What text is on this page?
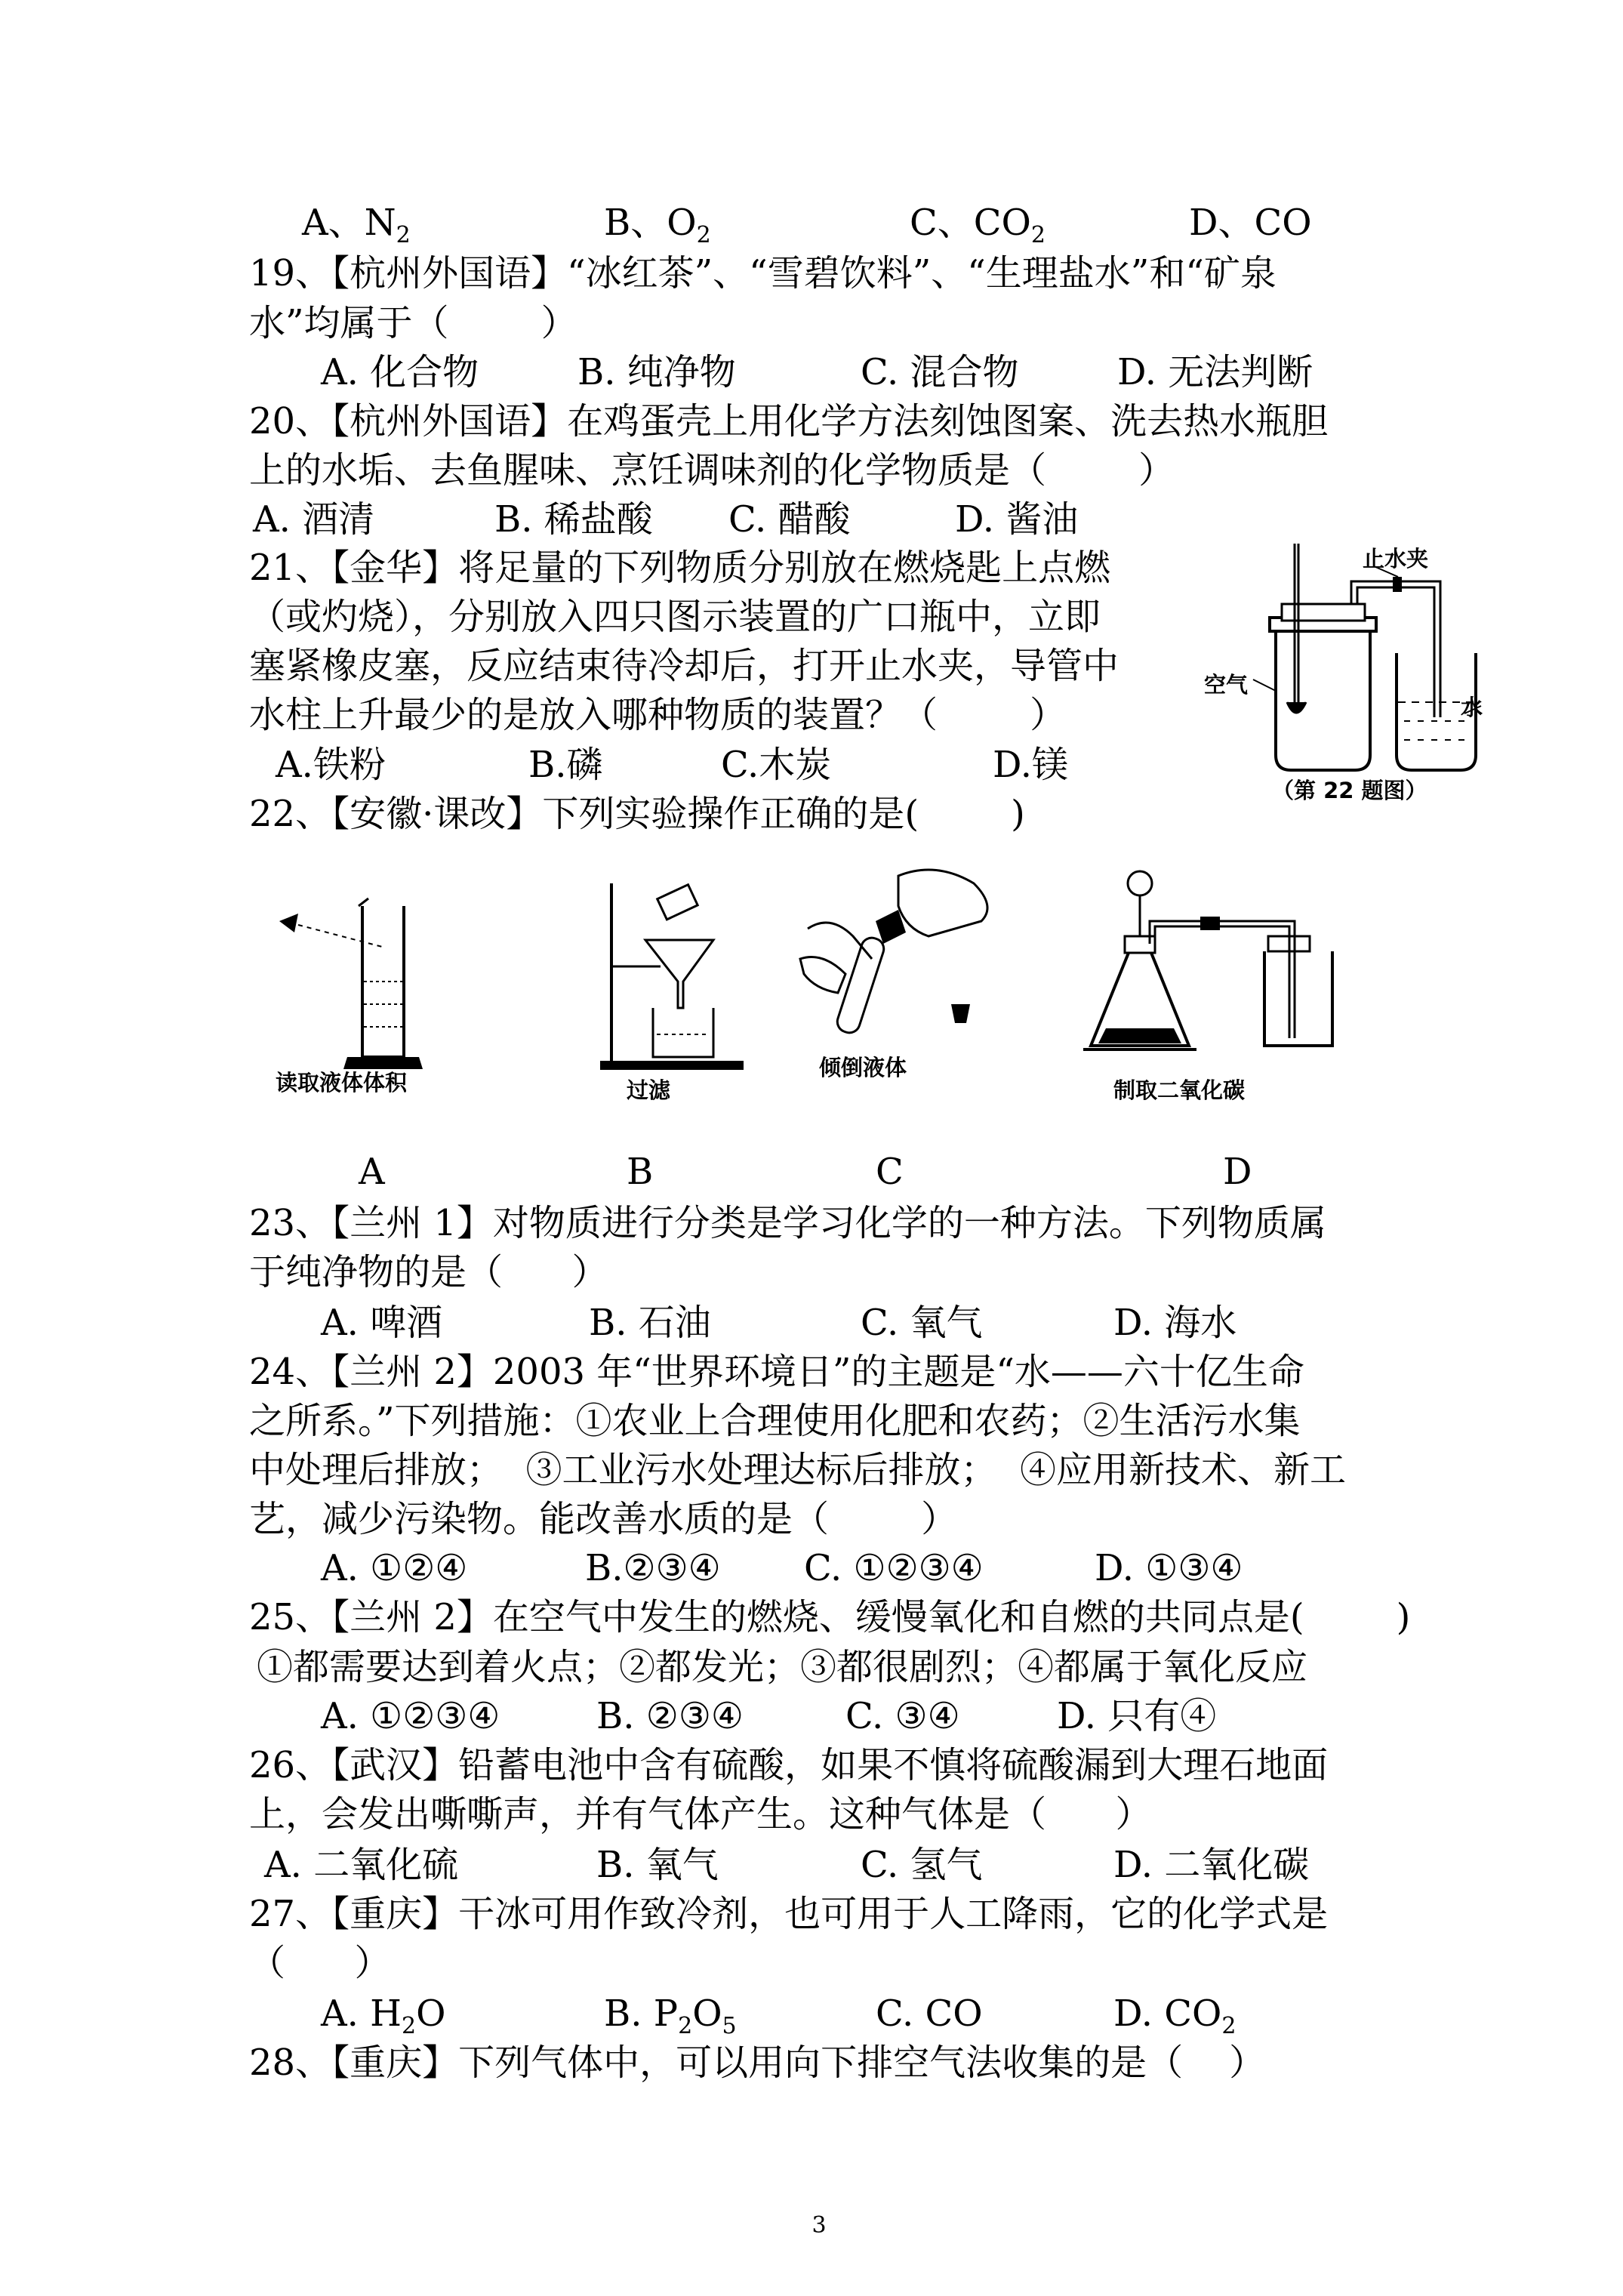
A、$N_2$	B、$O_2$	C、$CO_2$	D、CO
19、【杭州外国语】“冰红茶”、“雪碧饮料”、“生理盐水”和“矿泉
水”均属于（        ）
A. 化合物	B. 纯净物	C. 混合物	D. 无法判断
20、【杭州外国语】在鸡蛋壳上用化学方法刻蚀图案、洗去热水瓶胆
上的水垢、去鱼腥味、烹饪调味剂的化学物质是（        ）
A. 酒清	B. 稀盐酸 C. 醋酸	D. 酱油
21、【金华】将足量的下列物质分别放在燃烧匙上点燃
（或灼烧），分别放入四只图示装置的广口瓶中，立即
塞紧橡皮塞，反应结束待冷却后，打开止水夹，导管中
水柱上升最少的是放入哪种物质的装置？（        ）
A.铁粉	B.磷	C.木炭	D.镁
止水夹
空气
水
（第 22 题图）
22、【安徽·课改】下列实验操作正确的是(        )
读取液体体积	过滤
倾倒液体
制取二氧化碳
A	B	C	D
23、【兰州 1】对物质进行分类是学习化学的一种方法。下列物质属
于纯净物的是（      ）
A. 啤酒	B. 石油	C. 氧气	D. 海水
24、【兰州 2】2003 年“世界环境日”的主题是“水——六十亿生命
之所系。”下列措施：①农业上合理使用化肥和农药；②生活污水集
中处理后排放；  ③工业污水处理达标后排放；  ④应用新技术、新工
艺，减少污染物。能改善水质的是（        ）
A. ①②④	B.②③④ C. ①②③④	D. ①③④
25、【兰州 2】在空气中发生的燃烧、缓慢氧化和自燃的共同点是(        )
①都需要达到着火点；②都发光；③都很剧烈；④都属于氧化反应
A. ①②③④	B. ②③④	C. ③④	D. 只有④
26、【武汉】铅蓄电池中含有硫酸，如果不慎将硫酸漏到大理石地面
上，会发出嘶嘶声，并有气体产生。这种气体是（      ）
A. 二氧化硫	B. 氧气	C. 氢气	D. 二氧化碳
27、【重庆】干冰可用作致冷剂，也可用于人工降雨，它的化学式是
（      ）
A. $H_2O$	B. $P_2O_5$	C. CO	D. $CO_2$
28、【重庆】下列气体中，可以用向下排空气法收集的是（    ）
3
